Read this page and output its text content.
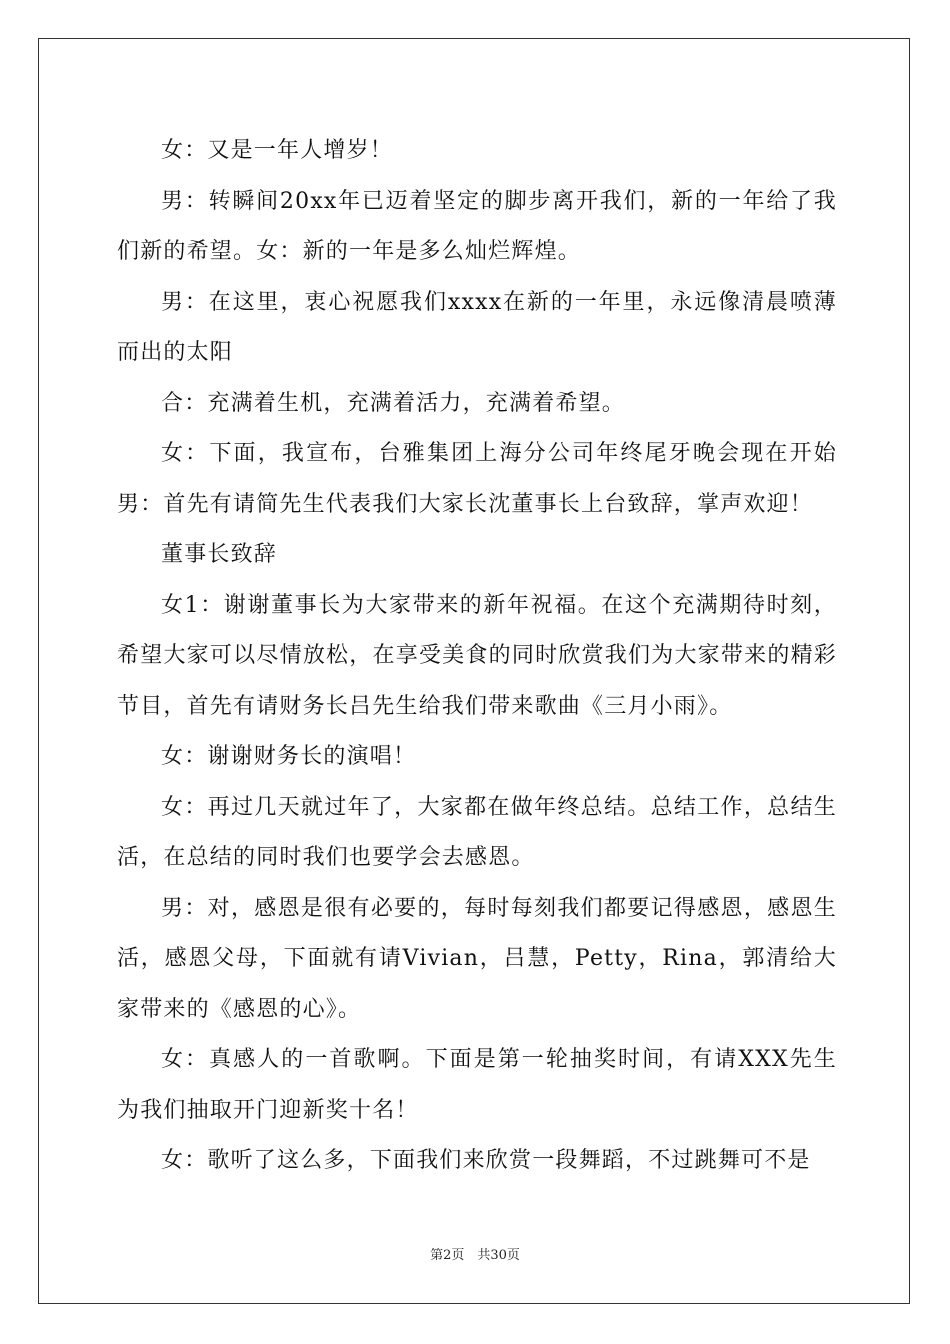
女：又是一年人增岁！

男：转瞬间20xx年已迈着坚定的脚步离开我们，新的一年给了我们新的希望。女：新的一年是多么灿烂辉煌。

男：在这里，衷心祝愿我们xxxx在新的一年里，永远像清晨喷薄而出的太阳

合：充满着生机，充满着活力，充满着希望。

女：下面，我宣布，台雅集团上海分公司年终尾牙晚会现在开始男：首先有请简先生代表我们大家长沈董事长上台致辞，掌声欢迎！

董事长致辞

女1：谢谢董事长为大家带来的新年祝福。在这个充满期待时刻，希望大家可以尽情放松，在享受美食的同时欣赏我们为大家带来的精彩节目，首先有请财务长吕先生给我们带来歌曲《三月小雨》。

女：谢谢财务长的演唱！

女：再过几天就过年了，大家都在做年终总结。总结工作，总结生活，在总结的同时我们也要学会去感恩。

男：对，感恩是很有必要的，每时每刻我们都要记得感恩，感恩生活，感恩父母，下面就有请Vivian，吕慧，Petty，Rina，郭清给大家带来的《感恩的心》。

女：真感人的一首歌啊。下面是第一轮抽奖时间，有请XXX先生为我们抽取开门迎新奖十名！

女：歌听了这么多，下面我们来欣赏一段舞蹈，不过跳舞可不是

第2页　共30页
